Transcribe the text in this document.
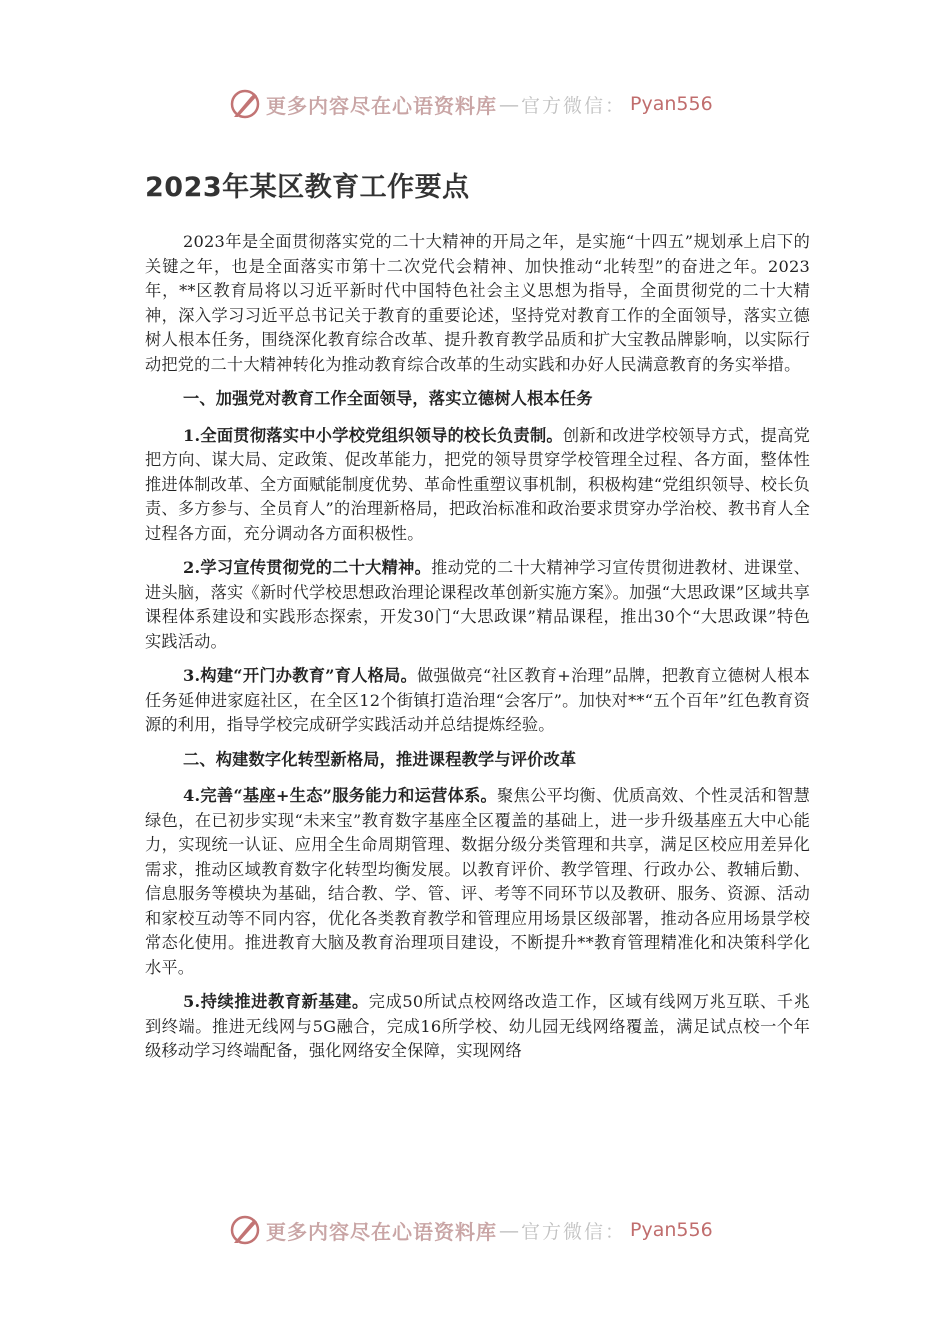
更多内容尽在心语资料库 — 官方微信： Pyan556
2023年某区教育工作要点

2023年是全面贯彻落实党的二十大精神的开局之年，是实施“十四五”规划承上启下的关键之年，也是全面落实市第十二次党代会精神、加快推动“北转型”的奋进之年。2023年，**区教育局将以习近平新时代中国特色社会主义思想为指导，全面贯彻党的二十大精神，深入学习习近平总书记关于教育的重要论述，坚持党对教育工作的全面领导，落实立德树人根本任务，围绕深化教育综合改革、提升教育教学品质和扩大宝教品牌影响，以实际行动把党的二十大精神转化为推动教育综合改革的生动实践和办好人民满意教育的务实举措。

一、加强党对教育工作全面领导，落实立德树人根本任务

1.全面贯彻落实中小学校党组织领导的校长负责制。创新和改进学校领导方式，提高党把方向、谋大局、定政策、促改革能力，把党的领导贯穿学校管理全过程、各方面，整体性推进体制改革、全方面赋能制度优势、革命性重塑议事机制，积极构建“党组织领导、校长负责、多方参与、全员育人”的治理新格局，把政治标准和政治要求贯穿办学治校、教书育人全过程各方面，充分调动各方面积极性。

2.学习宣传贯彻党的二十大精神。推动党的二十大精神学习宣传贯彻进教材、进课堂、进头脑，落实《新时代学校思想政治理论课程改革创新实施方案》。加强“大思政课”区域共享课程体系建设和实践形态探索，开发30门“大思政课”精品课程，推出30个“大思政课”特色实践活动。

3.构建“开门办教育”育人格局。做强做亮“社区教育+治理”品牌，把教育立德树人根本任务延伸进家庭社区，在全区12个街镇打造治理“会客厅”。加快对**“五个百年”红色教育资源的利用，指导学校完成研学实践活动并总结提炼经验。

二、构建数字化转型新格局，推进课程教学与评价改革

4.完善“基座+生态”服务能力和运营体系。聚焦公平均衡、优质高效、个性灵活和智慧绿色，在已初步实现“未来宝”教育数字基座全区覆盖的基础上，进一步升级基座五大中心能力，实现统一认证、应用全生命周期管理、数据分级分类管理和共享，满足区校应用差异化需求，推动区域教育数字化转型均衡发展。以教育评价、教学管理、行政办公、教辅后勤、信息服务等模块为基础，结合教、学、管、评、考等不同环节以及教研、服务、资源、活动和家校互动等不同内容，优化各类教育教学和管理应用场景区级部署，推动各应用场景学校常态化使用。推进教育大脑及教育治理项目建设，不断提升**教育管理精准化和决策科学化水平。

5.持续推进教育新基建。完成50所试点校网络改造工作，区域有线网万兆互联、千兆到终端。推进无线网与5G融合，完成16所学校、幼儿园无线网络覆盖，满足试点校一个年级移动学习终端配备，强化网络安全保障，实现网络

更多内容尽在心语资料库 — 官方微信： Pyan556
